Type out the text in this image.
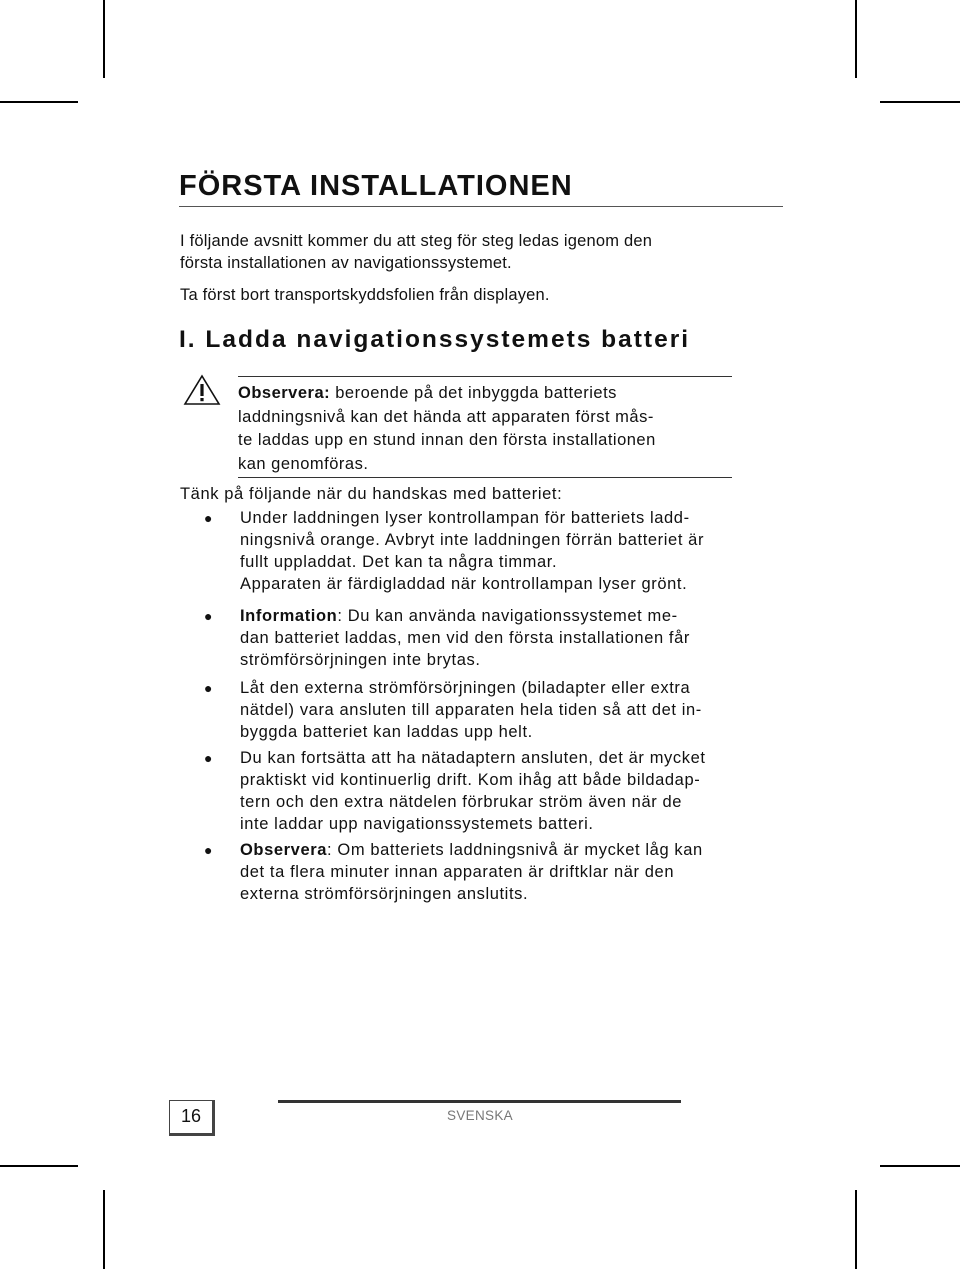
FÖRSTA INSTALLATIONEN

I följande avsnitt kommer du att steg för steg ledas igenom den
första installationen av navigationssystemet.

Ta först bort transportskyddsfolien från displayen.

I. Ladda navigationssystemets batteri

Observera: beroende på det inbyggda batteriets
laddningsnivå kan det hända att apparaten först mås-
te laddas upp en stund innan den första installationen
kan genomföras.

Tänk på följande när du handskas med batteriet:

● Under laddningen lyser kontrollampan för batteriets ladd-
ningsnivå orange. Avbryt inte laddningen förrän batteriet är
fullt uppladdat. Det kan ta några timmar.
Apparaten är färdigladdad när kontrollampan lyser grönt.
● Information: Du kan använda navigationssystemet me-
dan batteriet laddas, men vid den första installationen får
strömförsörjningen inte brytas.
● Låt den externa strömförsörjningen (biladapter eller extra
nätdel) vara ansluten till apparaten hela tiden så att det in-
byggda batteriet kan laddas upp helt.
● Du kan fortsätta att ha nätadaptern ansluten, det är mycket
praktiskt vid kontinuerlig drift. Kom ihåg att både bildadap-
tern och den extra nätdelen förbrukar ström även när de
inte laddar upp navigationssystemets batteri.
● Observera: Om batteriets laddningsnivå är mycket låg kan
det ta flera minuter innan apparaten är driftklar när den
externa strömförsörjningen anslutits.
16	SVENSKA
